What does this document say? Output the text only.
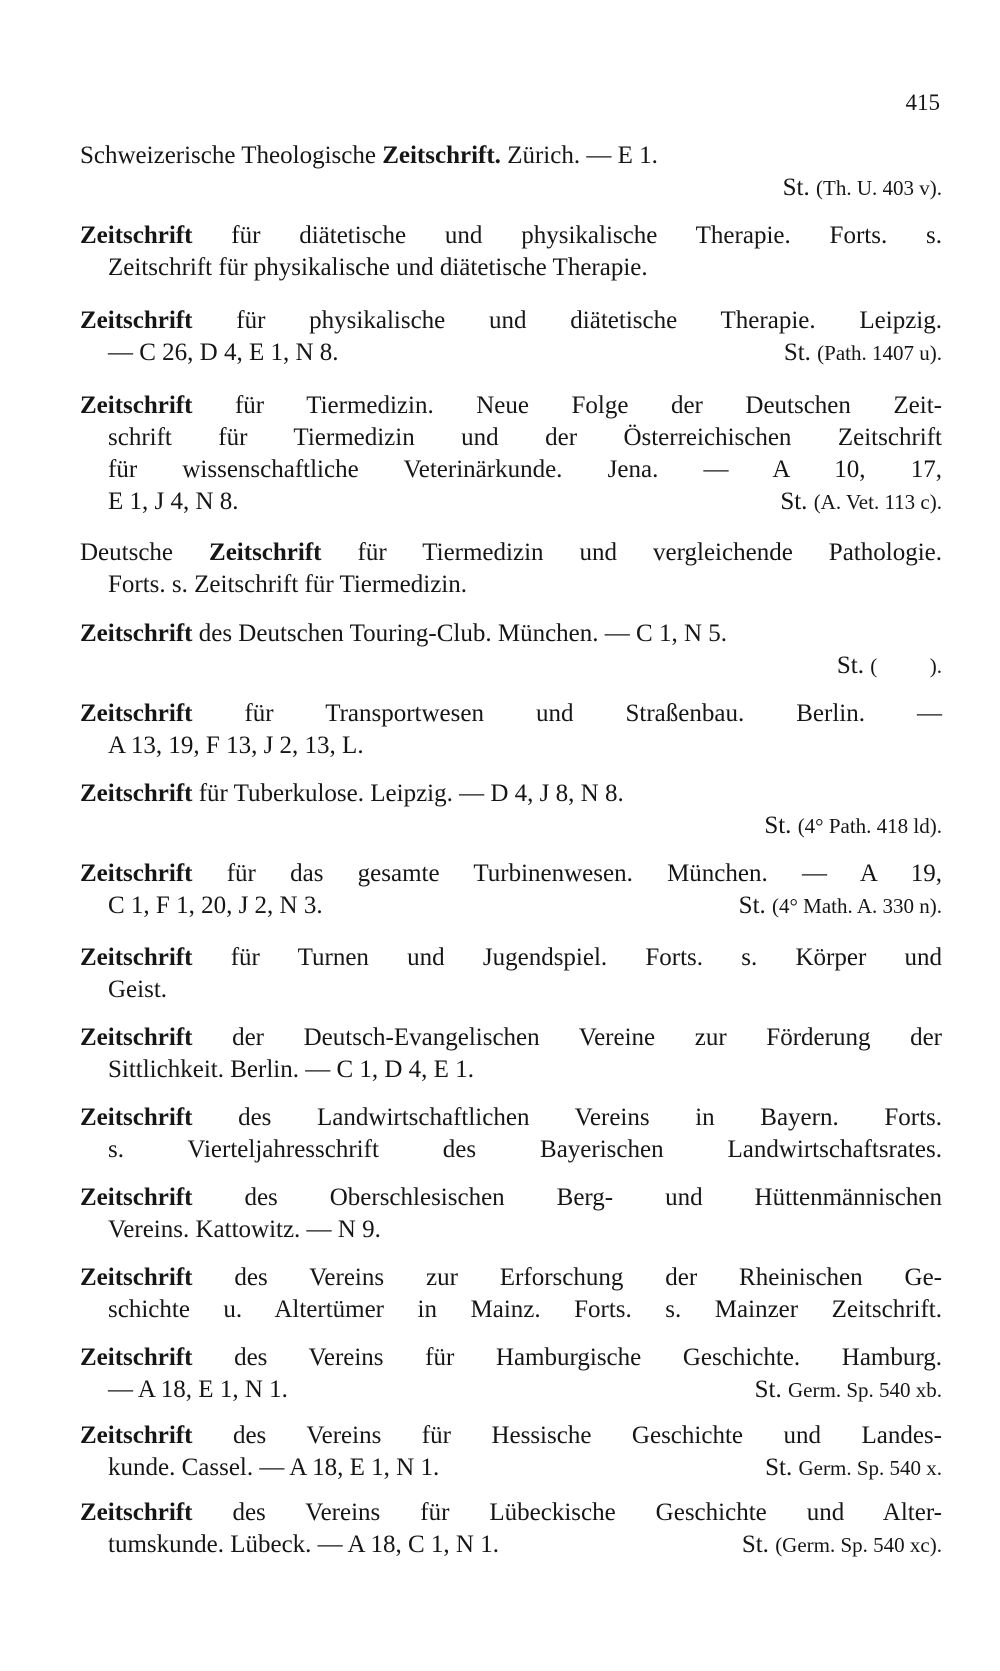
415
Schweizerische Theologische Zeitschrift. Zürich. — E 1.
St. (Th. U. 403 v).
Zeitschrift für diätetische und physikalische Therapie. Forts. s.
Zeitschrift für physikalische und diätetische Therapie.
Zeitschrift für physikalische und diätetische Therapie. Leipzig.
— C 26, D 4, E 1, N 8.	St. (Path. 1407 u).
Zeitschrift für Tiermedizin. Neue Folge der Deutschen Zeit-
schrift für Tiermedizin und der Österreichischen Zeitschrift
für wissenschaftliche Veterinärkunde. Jena. — A 10, 17,
E 1, J 4, N 8.	St. (A. Vet. 113 c).
Deutsche Zeitschrift für Tiermedizin und vergleichende Pathologie.
Forts. s. Zeitschrift für Tiermedizin.
Zeitschrift des Deutschen Touring-Club. München. — C 1, N 5.
St. (          ).
Zeitschrift für Transportwesen und Straßenbau. Berlin. —
A 13, 19, F 13, J 2, 13, L.
Zeitschrift für Tuberkulose. Leipzig. — D 4, J 8, N 8.
St. (4° Path. 418 ld).
Zeitschrift für das gesamte Turbinenwesen. München. — A 19,
C 1, F 1, 20, J 2, N 3.	St. (4° Math. A. 330 n).
Zeitschrift für Turnen und Jugendspiel. Forts. s. Körper und
Geist.
Zeitschrift der Deutsch-Evangelischen Vereine zur Förderung der
Sittlichkeit. Berlin. — C 1, D 4, E 1.
Zeitschrift des Landwirtschaftlichen Vereins in Bayern. Forts.
s. Vierteljahresschrift des Bayerischen Landwirtschaftsrates.
Zeitschrift des Oberschlesischen Berg- und Hüttenmännischen
Vereins. Kattowitz. — N 9.
Zeitschrift des Vereins zur Erforschung der Rheinischen Ge-
schichte u. Altertümer in Mainz. Forts. s. Mainzer Zeitschrift.
Zeitschrift des Vereins für Hamburgische Geschichte. Hamburg.
— A 18, E 1, N 1.	St. Germ. Sp. 540 xb.
Zeitschrift des Vereins für Hessische Geschichte und Landes-
kunde. Cassel. — A 18, E 1, N 1.	St. Germ. Sp. 540 x.
Zeitschrift des Vereins für Lübeckische Geschichte und Alter-
tumskunde. Lübeck. — A 18, C 1, N 1.	St. (Germ. Sp. 540 xc).
